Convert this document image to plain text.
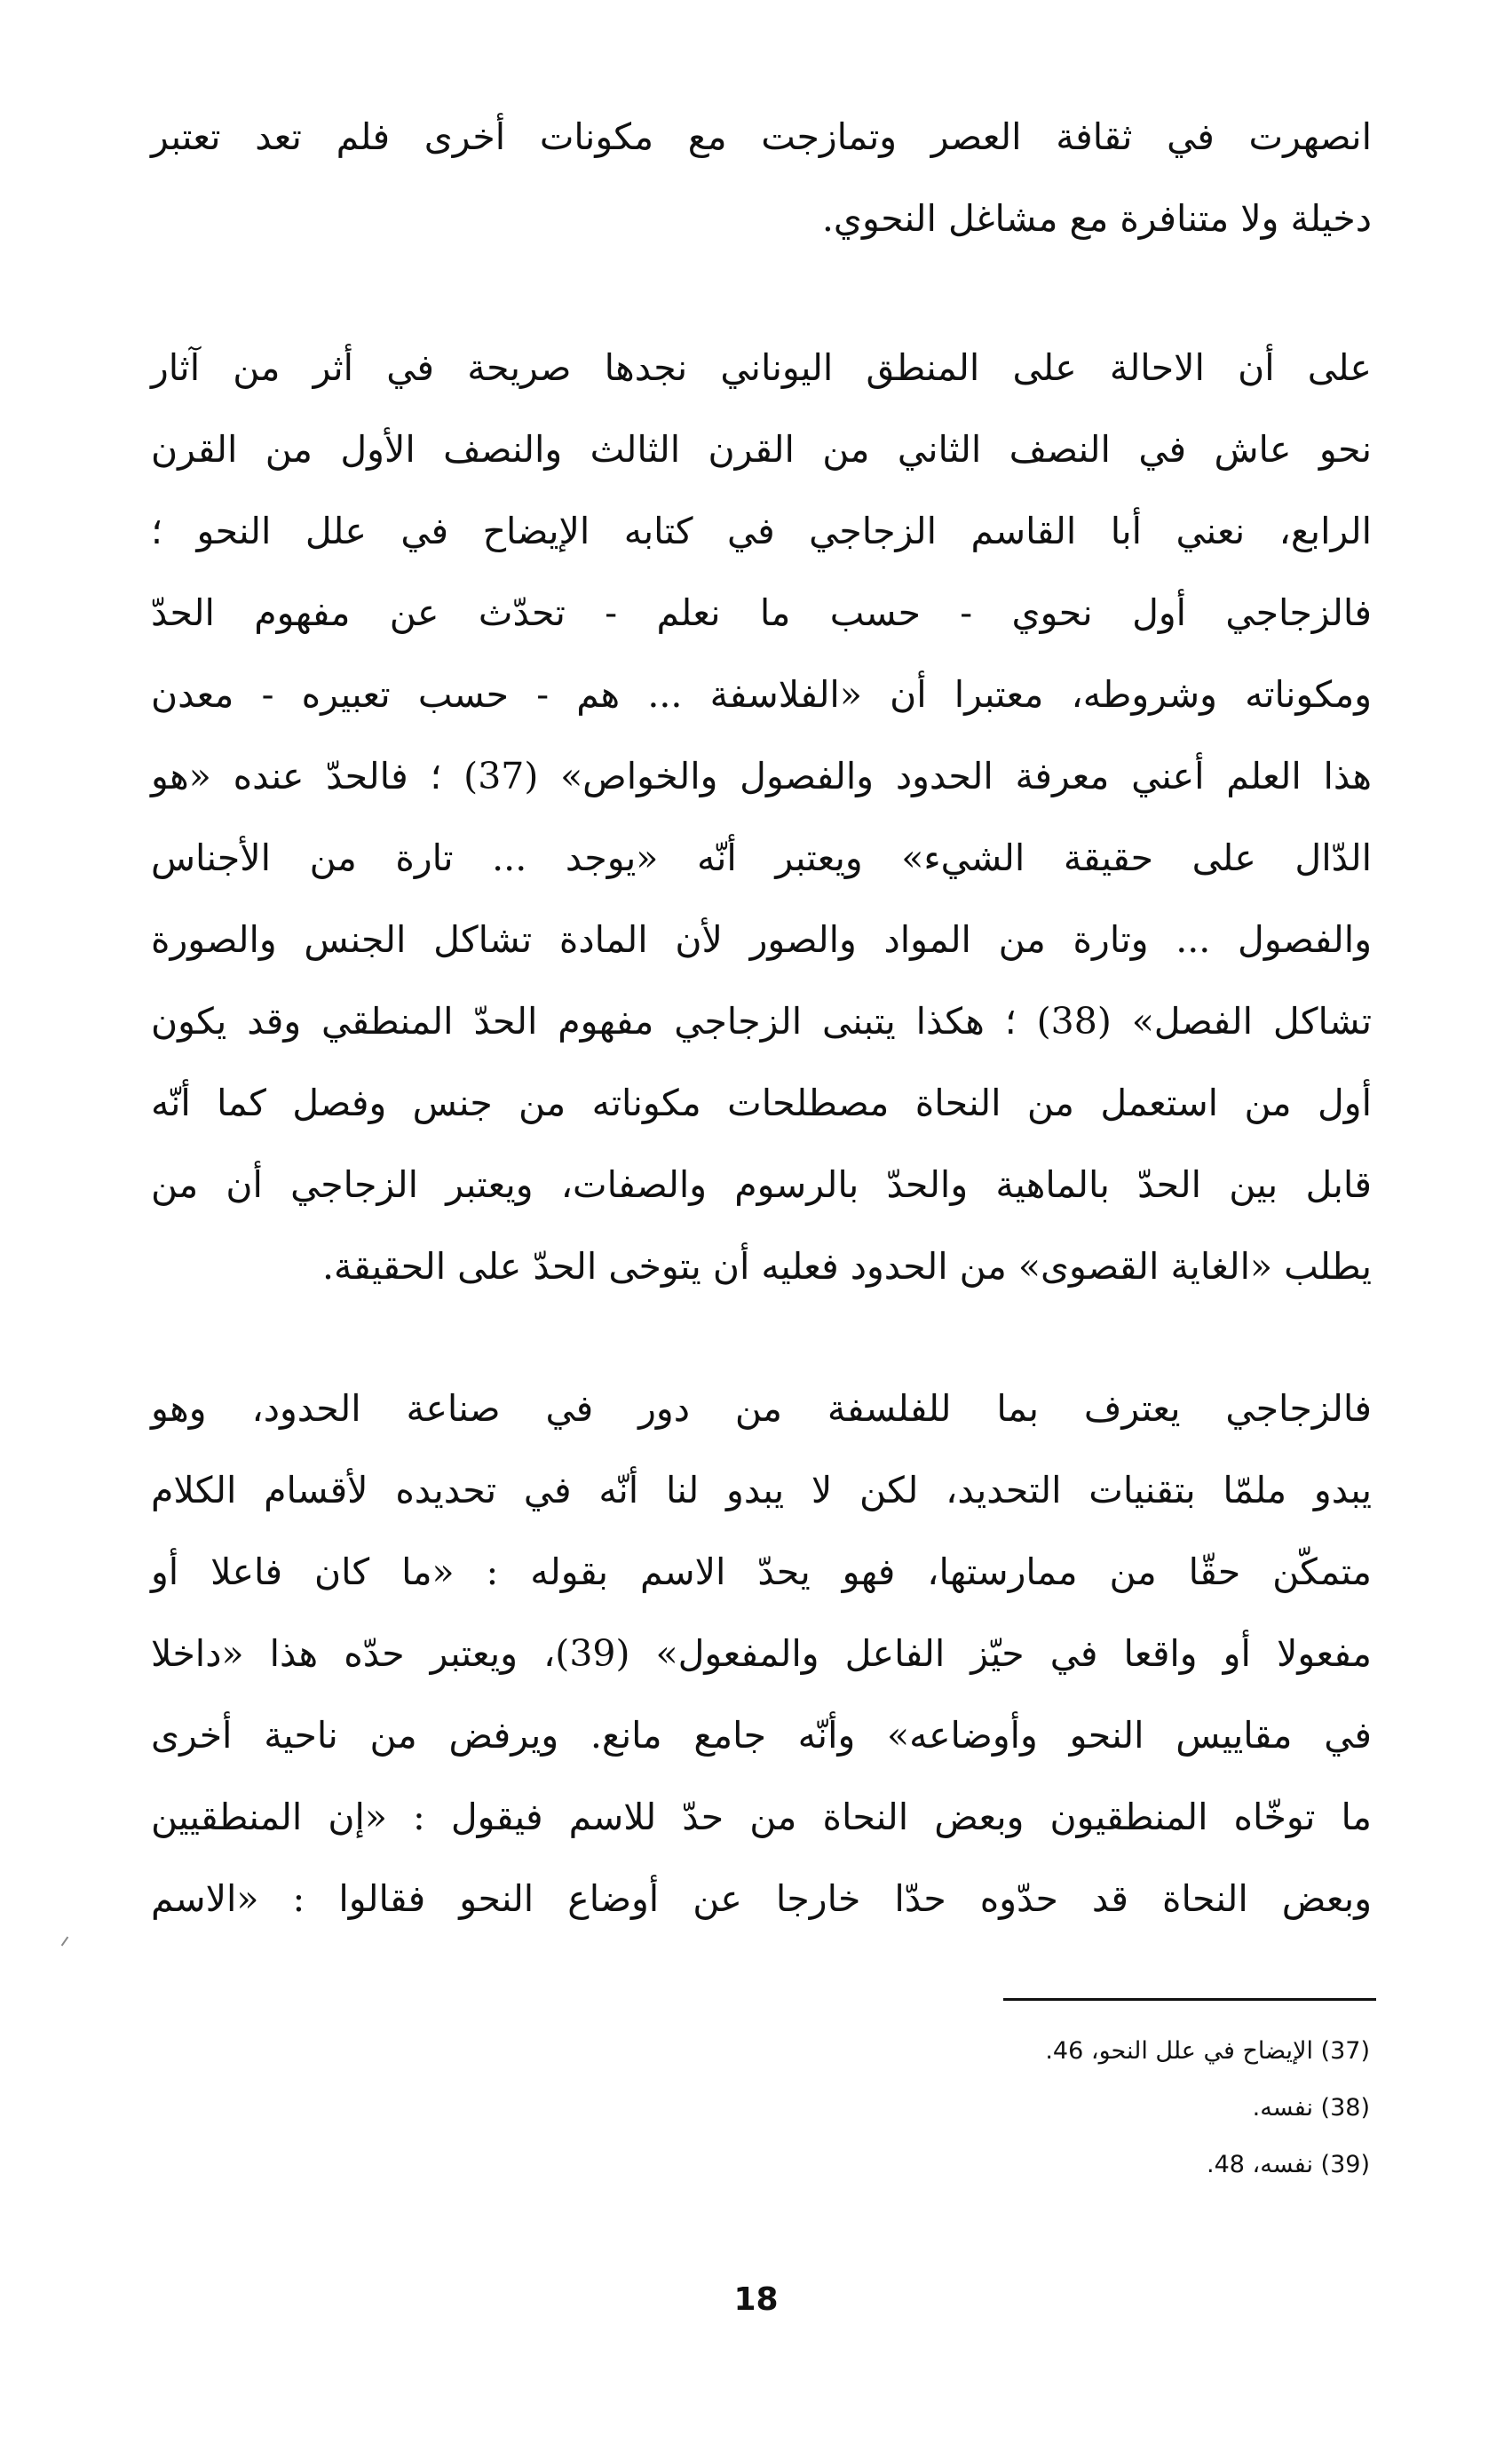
انصهرت في ثقافة العصر وتمازجت مع مكونات أخرى فلم تعد تعتبر
دخيلة ولا متنافرة مع مشاغل النحوي.
على أن الاحالة على المنطق اليوناني نجدها صريحة في أثر من آثار
نحو عاش في النصف الثاني من القرن الثالث والنصف الأول من القرن
الرابع، نعني أبا القاسم الزجاجي في كتابه الإيضاح في علل النحو ؛
فالزجاجي أول نحوي - حسب ما نعلم - تحدّث عن مفهوم الحدّ
ومكوناته وشروطه، معتبرا أن «الفلاسفة ... هم - حسب تعبيره - معدن
هذا العلم أعني معرفة الحدود والفصول والخواص» (37) ؛ فالحدّ عنده «هو
الدّال على حقيقة الشيء» ويعتبر أنّه «يوجد ... تارة من الأجناس
والفصول ... وتارة من المواد والصور لأن المادة تشاكل الجنس والصورة
تشاكل الفصل» (38) ؛ هكذا يتبنى الزجاجي مفهوم الحدّ المنطقي وقد يكون
أول من استعمل من النحاة مصطلحات مكوناته من جنس وفصل كما أنّه
قابل بين الحدّ بالماهية والحدّ بالرسوم والصفات، ويعتبر الزجاجي أن من
يطلب «الغاية القصوى» من الحدود فعليه أن يتوخى الحدّ على الحقيقة.
فالزجاجي يعترف بما للفلسفة من دور في صناعة الحدود، وهو
يبدو ملمّا بتقنيات التحديد، لكن لا يبدو لنا أنّه في تحديده لأقسام الكلام
متمكّن حقّا من ممارستها، فهو يحدّ الاسم بقوله : «ما كان فاعلا أو
مفعولا أو واقعا في حيّز الفاعل والمفعول» (39)، ويعتبر حدّه هذا «داخلا
في مقاييس النحو وأوضاعه» وأنّه جامع مانع. ويرفض من ناحية أخرى
ما توخّاه المنطقيون وبعض النحاة من حدّ للاسم فيقول : «إن المنطقيين
وبعض النحاة قد حدّوه حدّا خارجا عن أوضاع النحو فقالوا : «الاسم
(37) الإيضاح في علل النحو، 46.
(38) نفسه.
(39) نفسه، 48.
18
